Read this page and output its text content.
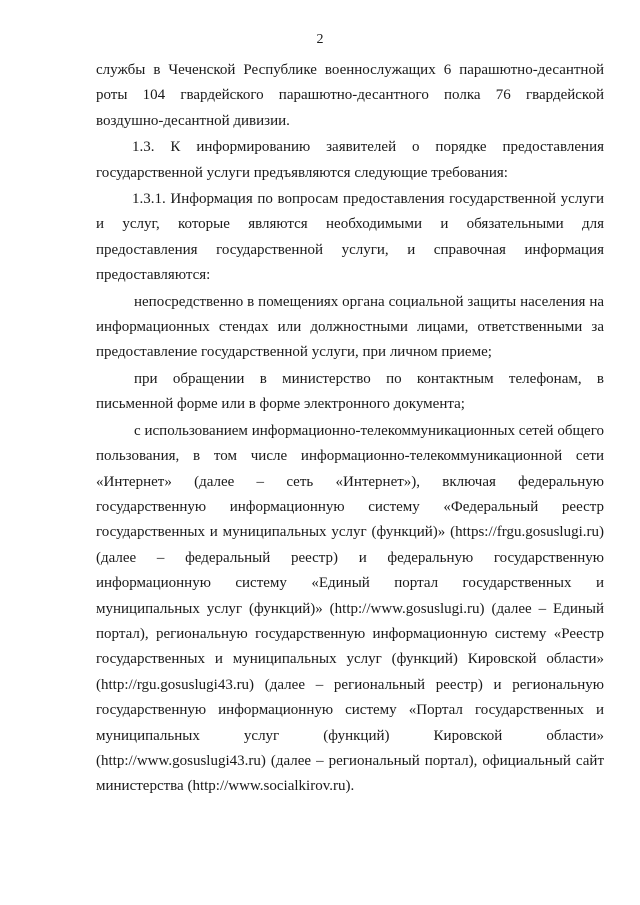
2

службы в Чеченской Республике военнослужащих 6 парашютно-десантной роты 104 гвардейского парашютно-десантного полка 76 гвардейской воздушно-десантной дивизии.

1.3. К информированию заявителей о порядке предоставления государственной услуги предъявляются следующие требования:

1.3.1. Информация по вопросам предоставления государственной услуги и услуг, которые являются необходимыми и обязательными для предоставления государственной услуги, и справочная информация предоставляются:

непосредственно в помещениях органа социальной защиты населения на информационных стендах или должностными лицами, ответственными за предоставление государственной услуги, при личном приеме;

при обращении в министерство по контактным телефонам, в письменной форме или в форме электронного документа;

с использованием информационно-телекоммуникационных сетей общего пользования, в том числе информационно-телекоммуникационной сети «Интернет» (далее – сеть «Интернет»), включая федеральную государственную информационную систему «Федеральный реестр государственных и муниципальных услуг (функций)» (https://frgu.gosuslugi.ru) (далее – федеральный реестр) и федеральную государственную информационную систему «Единый портал государственных и муниципальных услуг (функций)» (http://www.gosuslugi.ru) (далее – Единый портал), региональную государственную информационную систему «Реестр государственных и муниципальных услуг (функций) Кировской области» (http://rgu.gosuslugi43.ru) (далее – региональный реестр) и региональную государственную информационную систему «Портал государственных и муниципальных услуг (функций) Кировской области» (http://www.gosuslugi43.ru) (далее – региональный портал), официальный сайт министерства (http://www.socialkirov.ru).
